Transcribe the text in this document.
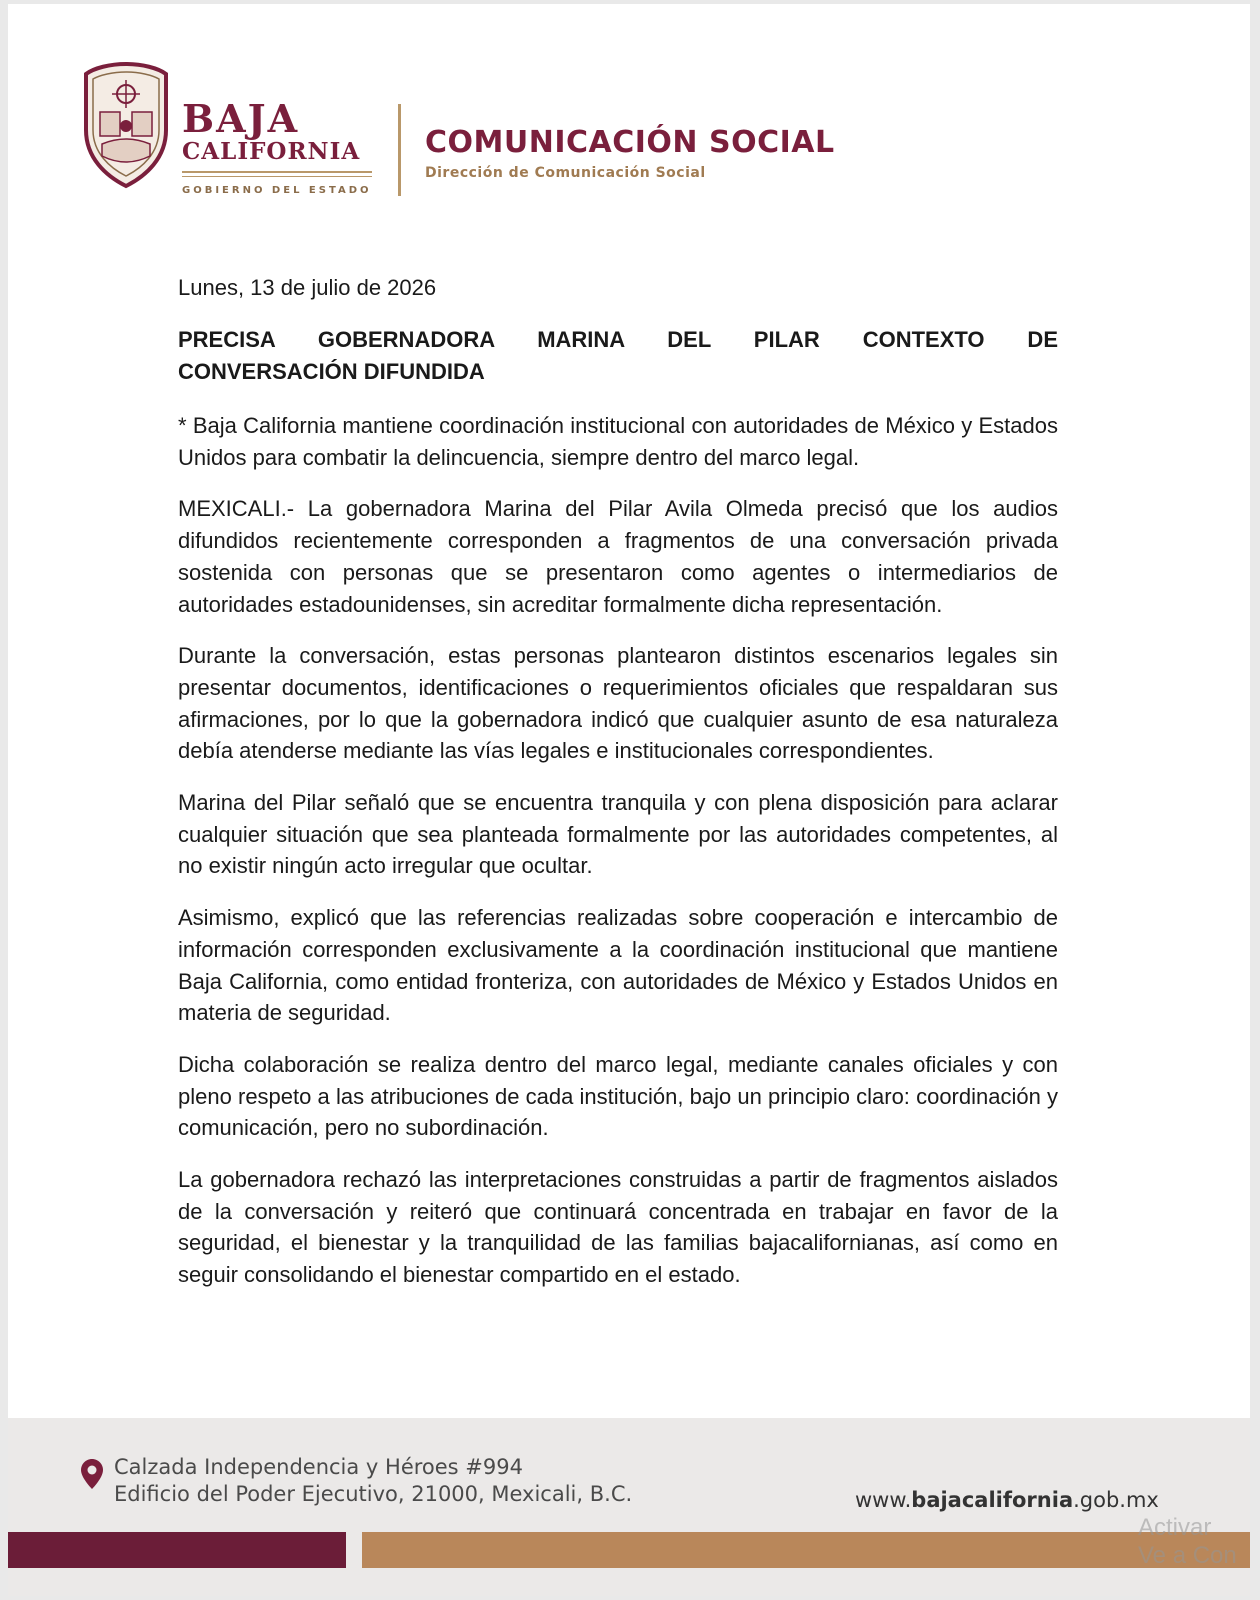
BAJA
CALIFORNIA
GOBIERNO DEL ESTADO
COMUNICACIÓN SOCIAL
Dirección de Comunicación Social

Lunes, 13 de julio de 2026

PRECISA GOBERNADORA MARINA DEL PILAR CONTEXTO DE
CONVERSACIÓN DIFUNDIDA

* Baja California mantiene coordinación institucional con autoridades de México y Estados Unidos para combatir la delincuencia, siempre dentro del marco legal.

MEXICALI.- La gobernadora Marina del Pilar Avila Olmeda precisó que los audios difundidos recientemente corresponden a fragmentos de una conversación privada sostenida con personas que se presentaron como agentes o intermediarios de autoridades estadounidenses, sin acreditar formalmente dicha representación.

Durante la conversación, estas personas plantearon distintos escenarios legales sin presentar documentos, identificaciones o requerimientos oficiales que respaldaran sus afirmaciones, por lo que la gobernadora indicó que cualquier asunto de esa naturaleza debía atenderse mediante las vías legales e institucionales correspondientes.

Marina del Pilar señaló que se encuentra tranquila y con plena disposición para aclarar cualquier situación que sea planteada formalmente por las autoridades competentes, al no existir ningún acto irregular que ocultar.

Asimismo, explicó que las referencias realizadas sobre cooperación e intercambio de información corresponden exclusivamente a la coordinación institucional que mantiene Baja California, como entidad fronteriza, con autoridades de México y Estados Unidos en materia de seguridad.

Dicha colaboración se realiza dentro del marco legal, mediante canales oficiales y con pleno respeto a las atribuciones de cada institución, bajo un principio claro: coordinación y comunicación, pero no subordinación.

La gobernadora rechazó las interpretaciones construidas a partir de fragmentos aislados de la conversación y reiteró que continuará concentrada en trabajar en favor de la seguridad, el bienestar y la tranquilidad de las familias bajacalifornianas, así como en seguir consolidando el bienestar compartido en el estado.

Calzada Independencia y Héroes #994
Edificio del Poder Ejecutivo, 21000, Mexicali, B.C.	www.bajacalifornia.gob.mx
Activar
Ve a Con
